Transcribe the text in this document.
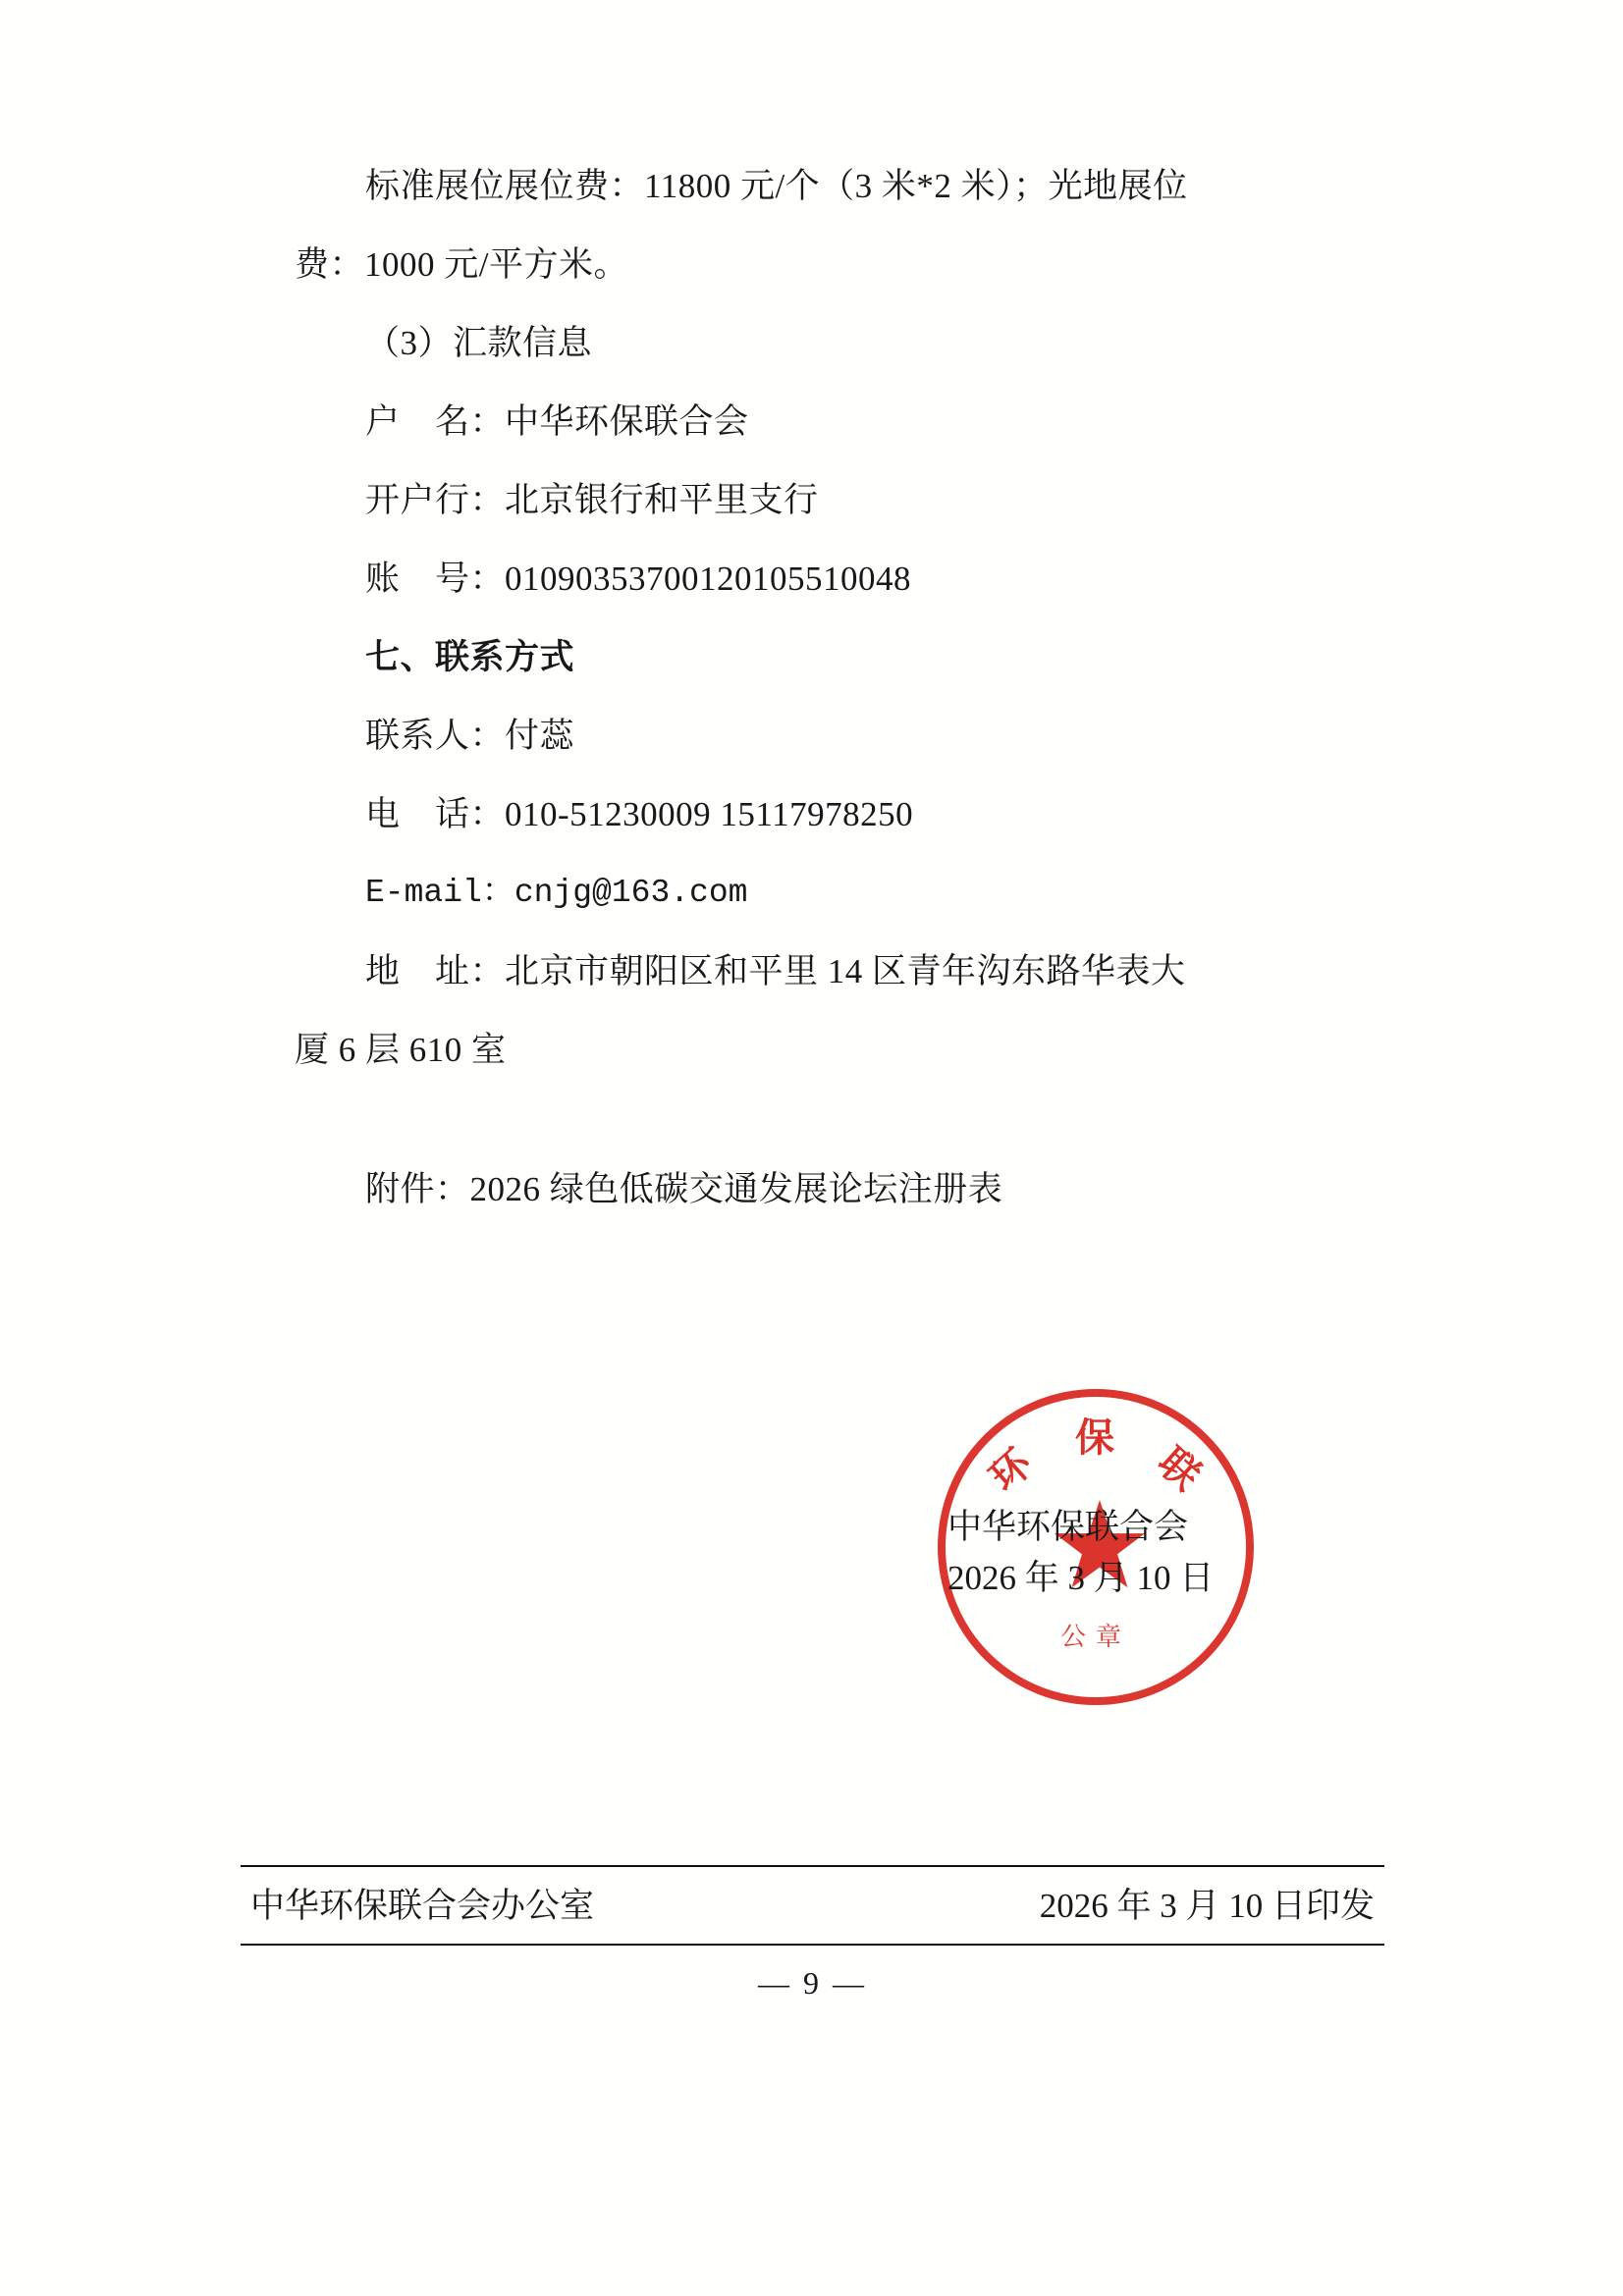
标准展位展位费：11800 元/个（3 米*2 米）；光地展位
费：1000 元/平方米。
（3）汇款信息
户　名：中华环保联合会
开户行：北京银行和平里支行
账　号：01090353700120105510048
七、联系方式
联系人：付蕊
电　话：010-51230009 15117978250
E-mail：cnjg@163.com
地　址：北京市朝阳区和平里 14 区青年沟东路华表大
厦 6 层 610 室
附件：2026 绿色低碳交通发展论坛注册表
环　保　联
公章
中华环保联合会
2026 年 3 月 10 日
中华环保联合会办公室	2026 年 3 月 10 日印发
— 9 —
